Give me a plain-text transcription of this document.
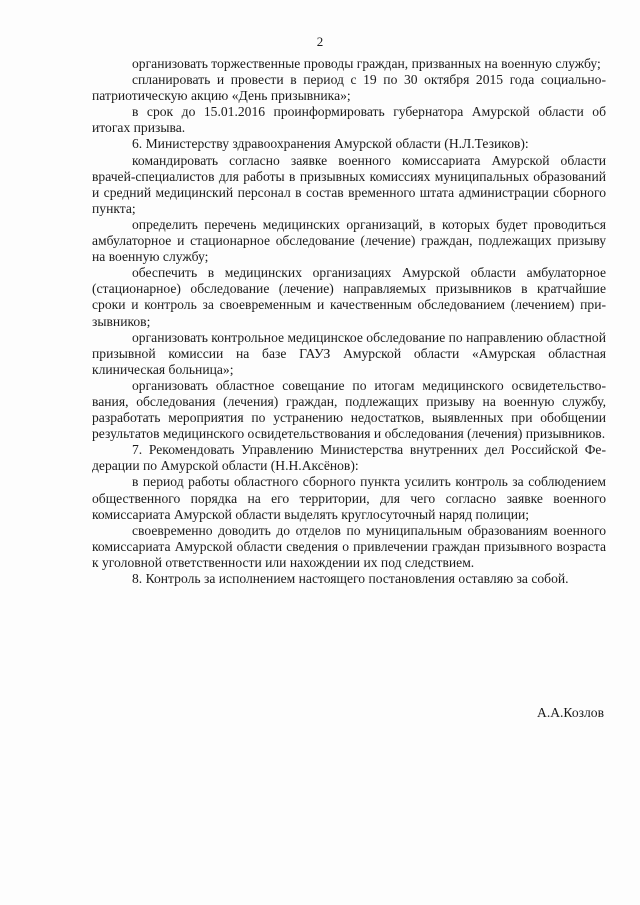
2

организовать торжественные проводы граждан, призванных на военную службу;

спланировать и провести в период с 19 по 30 октября 2015 года социально-патриотическую акцию «День призывника»;

в срок до 15.01.2016 проинформировать губернатора Амурской области об итогах призыва.

6. Министерству здравоохранения Амурской области (Н.Л.Тезиков):

командировать согласно заявке военного комиссариата Амурской области врачей-специалистов для работы в призывных комиссиях муниципальных образований и средний медицинский персонал в состав временного штата администрации сборного пункта;

определить перечень медицинских организаций, в которых будет проводиться амбулаторное и стационарное обследование (лечение) граждан, подлежащих призыву на военную службу;

обеспечить в медицинских организациях Амурской области амбулаторное (стационарное) обследование (лечение) направляемых призывников в кратчайшие сроки и контроль за своевременным и качественным обследованием (лечением) призывников;

организовать контрольное медицинское обследование по направлению областной призывной комиссии на базе ГАУЗ Амурской области «Амурская областная клиническая больница»;

организовать областное совещание по итогам медицинского освидетельствования, обследования (лечения) граждан, подлежащих призыву на военную службу, разработать мероприятия по устранению недостатков, выявленных при обобщении результатов медицинского освидетельствования и обследования (лечения) призывников.

7. Рекомендовать Управлению Министерства внутренних дел Российской Федерации по Амурской области (Н.Н.Аксёнов):

в период работы областного сборного пункта усилить контроль за соблюдением общественного порядка на его территории, для чего согласно заявке военного комиссариата Амурской области выделять круглосуточный наряд полиции;

своевременно доводить до отделов по муниципальным образованиям военного комиссариата Амурской области сведения о привлечении граждан призывного возраста к уголовной ответственности или нахождении их под следствием.

8. Контроль за исполнением настоящего постановления оставляю за собой.

А.А.Козлов
